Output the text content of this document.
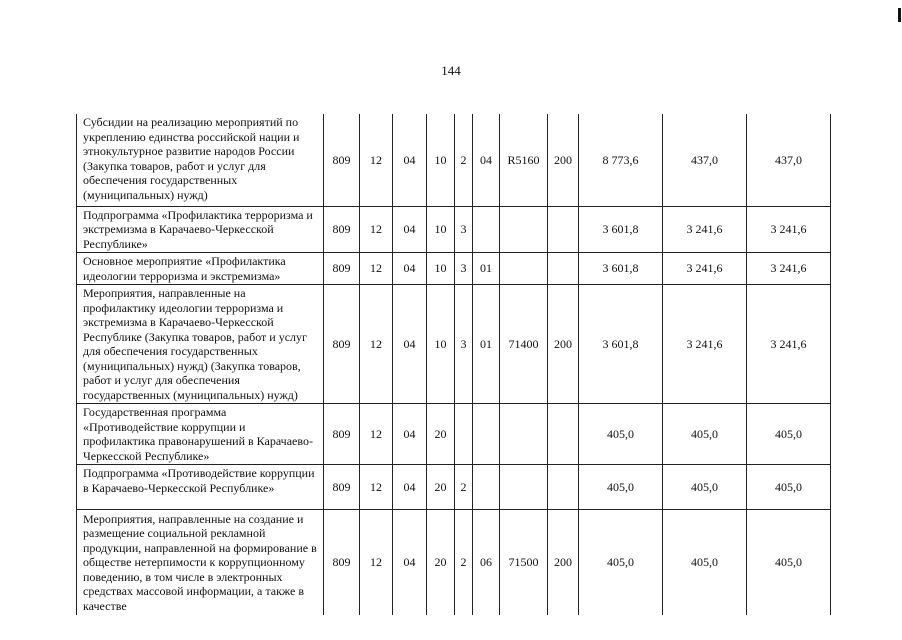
144
Субсидии на реализацию мероприятий по укреплению единства российской нации и этнокультурное развитие народов России (Закупка товаров, работ и услуг для обеспечения государственных (муниципальных) нужд)	809	12	04	10	2	04	R5160	200	8 773,6	437,0	437,0
Подпрограмма «Профилактика терроризма и экстремизма в Карачаево-Черкесской Республике»	809	12	04	10	3				3 601,8	3 241,6	3 241,6
Основное мероприятие «Профилактика идеологии терроризма и экстремизма»	809	12	04	10	3	01			3 601,8	3 241,6	3 241,6
Мероприятия, направленные на профилактику идеологии терроризма и экстремизма в Карачаево-Черкесской Республике (Закупка товаров, работ и услуг для обеспечения государственных (муниципальных) нужд) (Закупка товаров, работ и услуг для обеспечения государственных (муниципальных) нужд)	809	12	04	10	3	01	71400	200	3 601,8	3 241,6	3 241,6
Государственная программа «Противодействие коррупции и профилактика правонарушений в Карачаево-Черкесской Республике»	809	12	04	20					405,0	405,0	405,0
Подпрограмма «Противодействие коррупции в Карачаево-Черкесской Республике»	809	12	04	20	2				405,0	405,0	405,0
Мероприятия, направленные на создание и размещение социальной рекламной продукции, направленной на формирование в обществе нетерпимости к коррупционному поведению, в том числе в электронных средствах массовой информации, а также в качестве	809	12	04	20	2	06	71500	200	405,0	405,0	405,0
